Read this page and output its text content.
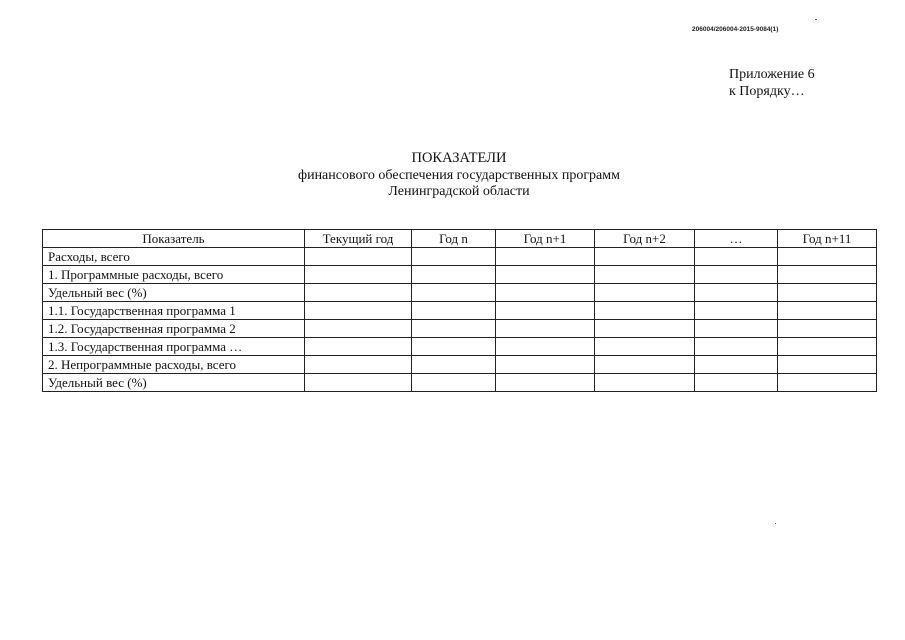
206004/206004-2015-9084(1)
Приложение 6
к Порядку…
ПОКАЗАТЕЛИ
финансового обеспечения государственных программ
Ленинградской области
Показатель	Текущий год	Год n	Год n+1	Год n+2	…	Год n+11
Расходы, всего						
1. Программные расходы, всего						
Удельный вес (%)						
1.1. Государственная программа 1						
1.2. Государственная программа 2						
1.3. Государственная программа …						
2. Непрограммные расходы, всего						
Удельный вес (%)						
